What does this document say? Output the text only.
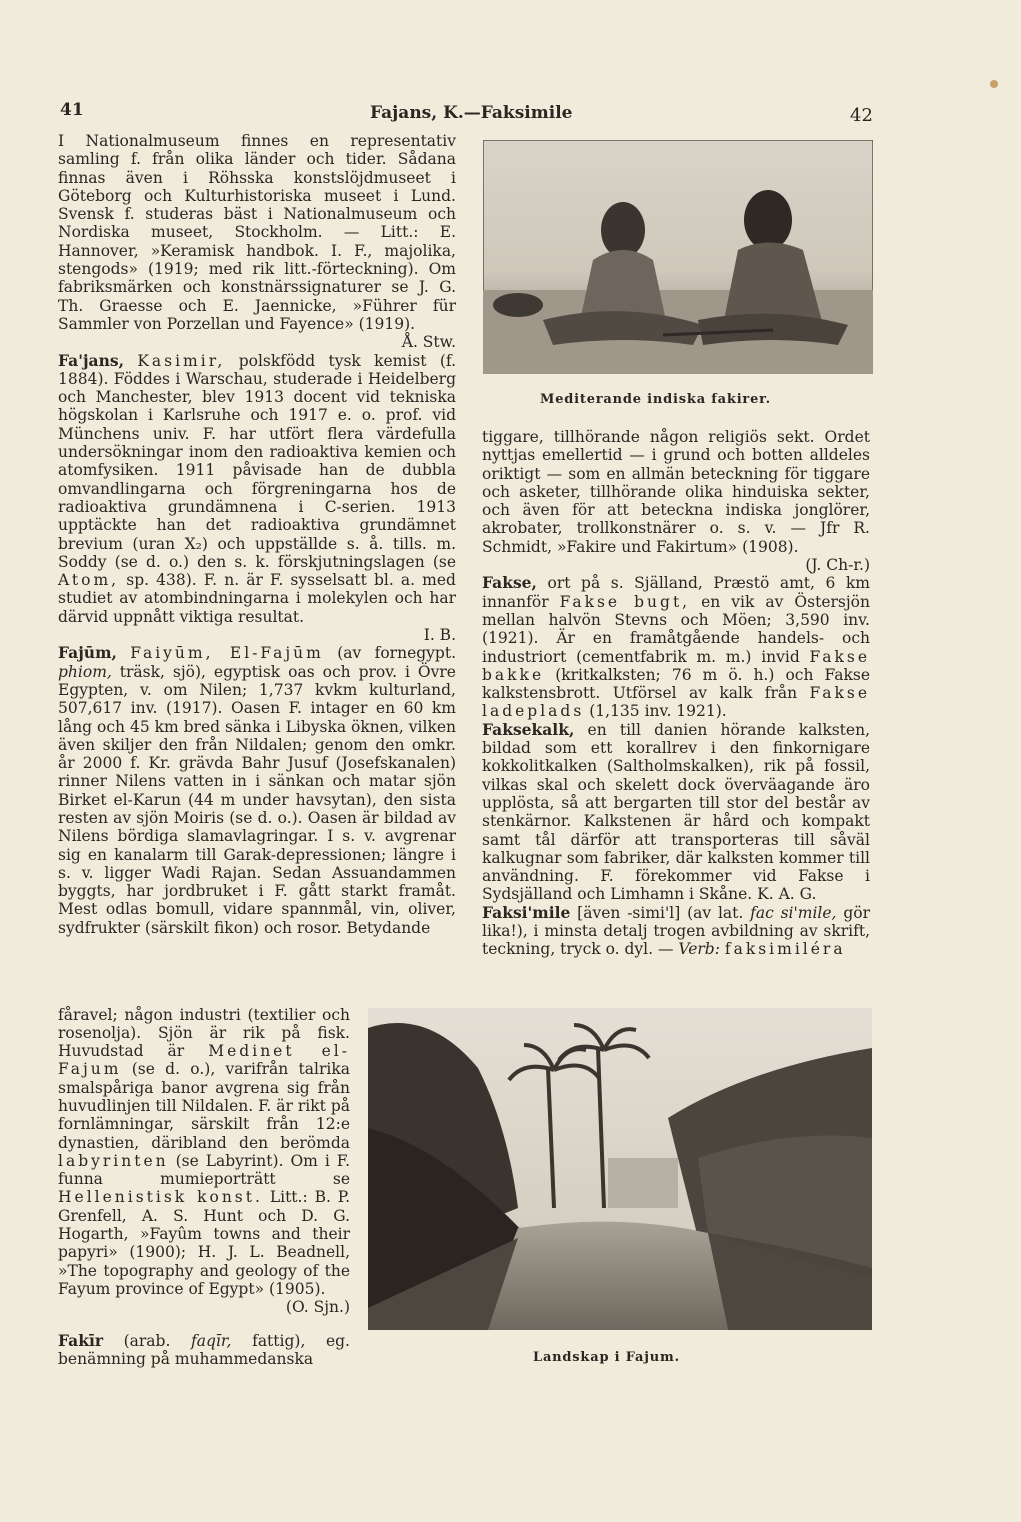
41	Fajans, K.—Faksimile	42

I Nationalmuseum finnes en representativ samling f. från olika länder och tider. Sådana finnas även i Röhsska konstslöjdmuseet i Göteborg och Kulturhistoriska museet i Lund. Svensk f. studeras bäst i Nationalmuseum och Nordiska museet, Stockholm. — Litt.: E. Hannover, »Keramisk handbok. I. F., majolika, stengods» (1919; med rik litt.-förteckning). Om fabriksmärken och konstnärssignaturer se J. G. Th. Graesse och E. Jaennicke, »Führer für Sammler von Porzellan und Fayence» (1919).
Å. Stw.

Fa'jans, Kasimir, polskfödd tysk kemist (f. 1884). Föddes i Warschau, studerade i Heidelberg och Manchester, blev 1913 docent vid tekniska högskolan i Karlsruhe och 1917 e. o. prof. vid Münchens univ. F. har utfört flera värdefulla undersökningar inom den radioaktiva kemien och atomfysiken. 1911 påvisade han de dubbla omvandlingarna och förgreningarna hos de radioaktiva grundämnena i C-serien. 1913 upptäckte han det radioaktiva grundämnet brevium (uran X₂) och uppställde s. å. tills. m. Soddy (se d. o.) den s. k. förskjutningslagen (se Atom, sp. 438). F. n. är F. sysselsatt bl. a. med studiet av atombindningarna i molekylen och har därvid uppnått viktiga resultat.
I. B.

Fajūm, Faiyūm, El-Fajūm (av fornegypt. phiom, träsk, sjö), egyptisk oas och prov. i Övre Egypten, v. om Nilen; 1,737 kvkm kulturland, 507,617 inv. (1917). Oasen F. intager en 60 km lång och 45 km bred sänka i Libyska öknen, vilken även skiljer den från Nildalen; genom den omkr. år 2000 f. Kr. grävda Bahr Jusuf (Josefskanalen) rinner Nilens vatten in i sänkan och matar sjön Birket el-Karun (44 m under havsytan), den sista resten av sjön Moiris (se d. o.). Oasen är bildad av Nilens bördiga slamavlagringar. I s. v. avgrenar sig en kanalarm till Garak-depressionen; längre i s. v. ligger Wadi Rajan. Sedan Assuandammen byggts, har jordbruket i F. gått starkt framåt. Mest odlas bomull, vidare spannmål, vin, oliver, sydfrukter (särskilt fikon) och rosor. Betydande

fåravel; någon industri (textilier och rosenolja). Sjön är rik på fisk. Huvudstad är Medinet el-Fajum (se d. o.), varifrån talrika smalspåriga banor avgrena sig från huvudlinjen till Nildalen. F. är rikt på fornlämningar, särskilt från 12:e dynastien, däribland den berömda labyrinten (se Labyrint). Om i F. funna mumieporträtt se Hellenistisk konst. Litt.: B. P. Grenfell, A. S. Hunt och D. G. Hogarth, »Fayûm towns and their papyri» (1900); H. J. L. Beadnell, »The topography and geology of the Fayum province of Egypt» (1905).
(O. Sjn.)

Fakīr (arab. faqīr, fattig), eg. benämning på muhammedanska

Mediterande indiska fakirer.

tiggare, tillhörande någon religiös sekt. Ordet nyttjas emellertid — i grund och botten alldeles oriktigt — som en allmän beteckning för tiggare och asketer, tillhörande olika hinduiska sekter, och även för att beteckna indiska jonglörer, akrobater, trollkonstnärer o. s. v. — Jfr R. Schmidt, »Fakire und Fakirtum» (1908).
(J. Ch-r.)

Fakse, ort på s. Själland, Præstö amt, 6 km innanför Fakse bugt, en vik av Östersjön mellan halvön Stevns och Möen; 3,590 inv. (1921). Är en framåtgående handels- och industriort (cementfabrik m. m.) invid Fakse bakke (kritkalksten; 76 m ö. h.) och Fakse kalkstensbrott. Utförsel av kalk från Fakse ladeplads (1,135 inv. 1921).

Faksekalk, en till danien hörande kalksten, bildad som ett korallrev i den finkornigare kokkolitkalken (Saltholmskalken), rik på fossil, vilkas skal och skelett dock överväagande äro upplösta, så att bergarten till stor del består av stenkärnor. Kalkstenen är hård och kompakt samt tål därför att transporteras till såväl kalkugnar som fabriker, där kalksten kommer till användning. F. förekommer vid Fakse i Sydsjälland och Limhamn i Skåne. K. A. G.

Faksi'mile [även -simi'l] (av lat. fac si'mile, gör lika!), i minsta detalj trogen avbildning av skrift, teckning, tryck o. dyl. — Verb: faksimiléra

Landskap i Fajum.
